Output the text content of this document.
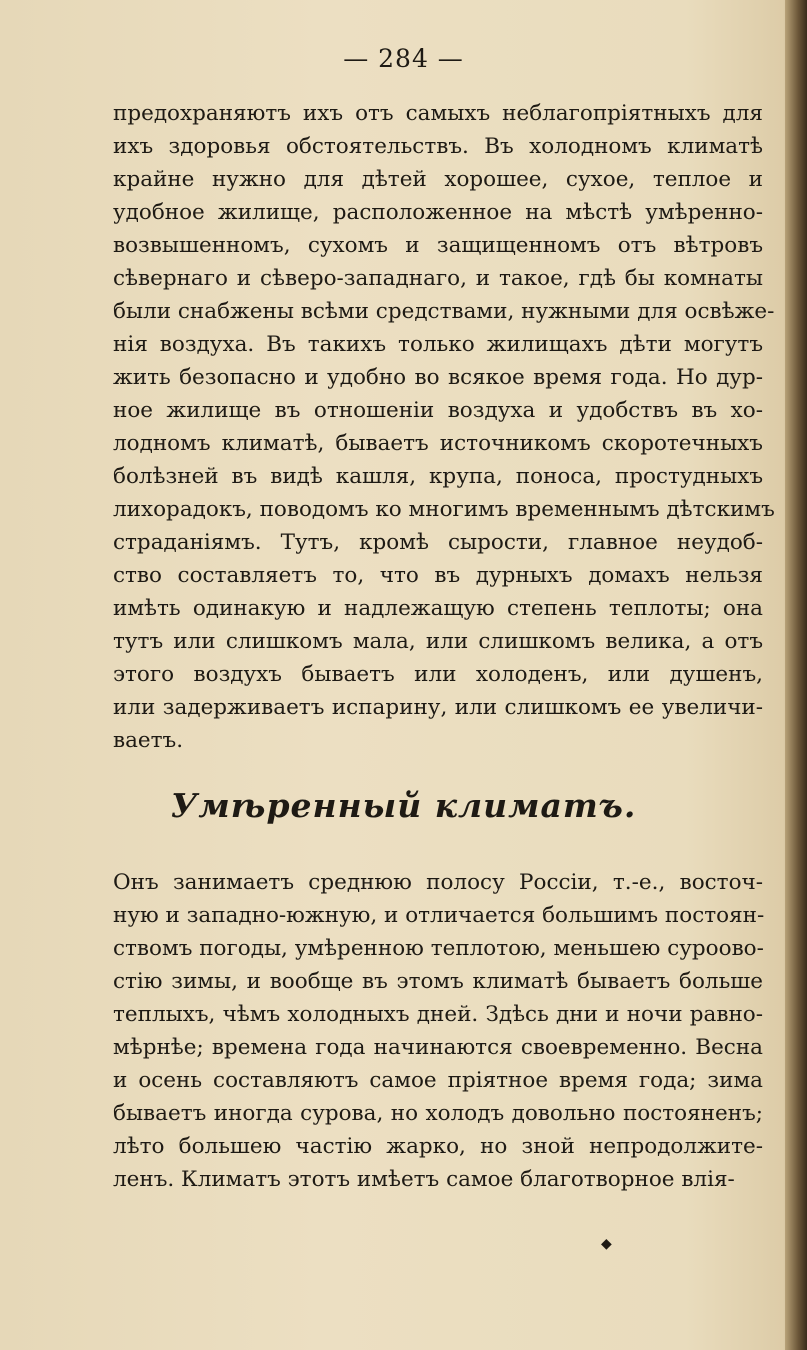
— 284 —
предохраняютъ ихъ отъ самыхъ неблагопріятныхъ для
ихъ здоровья обстоятельствъ. Въ холодномъ климатѣ
крайне нужно для дѣтей хорошее, сухое, теплое и
удобное жилище, расположенное на мѣстѣ умѣренно-
возвышенномъ, сухомъ и защищенномъ отъ вѣтровъ
сѣвернаго и сѣверо-западнаго, и такое, гдѣ бы комнаты
были снабжены всѣми средствами, нужными для освѣже-
нія воздуха. Въ такихъ только жилищахъ дѣти могутъ
жить безопасно и удобно во всякое время года. Но дур-
ное жилище въ отношеніи воздуха и удобствъ въ хо-
лодномъ климатѣ, бываетъ источникомъ скоротечныхъ
болѣзней въ видѣ кашля, крупа, поноса, простудныхъ
лихорадокъ, поводомъ ко многимъ временнымъ дѣтскимъ
страданіямъ. Тутъ, кромѣ сырости, главное неудоб-
ство составляетъ то, что въ дурныхъ домахъ нельзя
имѣть одинакую и надлежащую степень теплоты; она
тутъ или слишкомъ мала, или слишкомъ велика, а отъ
этого воздухъ бываетъ или холоденъ, или душенъ,
или задерживаетъ испарину, или слишкомъ ее увеличи-
ваетъ.
Умѣренный климатъ.
Онъ занимаетъ среднюю полосу Россіи, т.-е., восточ-
ную и западно-южную, и отличается большимъ постоян-
ствомъ погоды, умѣренною теплотою, меньшею суроово-
стію зимы, и вообще въ этомъ климатѣ бываетъ больше
теплыхъ, чѣмъ холодныхъ дней. Здѣсь дни и ночи равно-
мѣрнѣе; времена года начинаются своевременно. Весна
и осень составляютъ самое пріятное время года; зима
бываетъ иногда сурова, но холодъ довольно постояненъ;
лѣто большею частію жарко, но зной непродолжите-
ленъ. Климатъ этотъ имѣетъ самое благотворное влія-
◆
